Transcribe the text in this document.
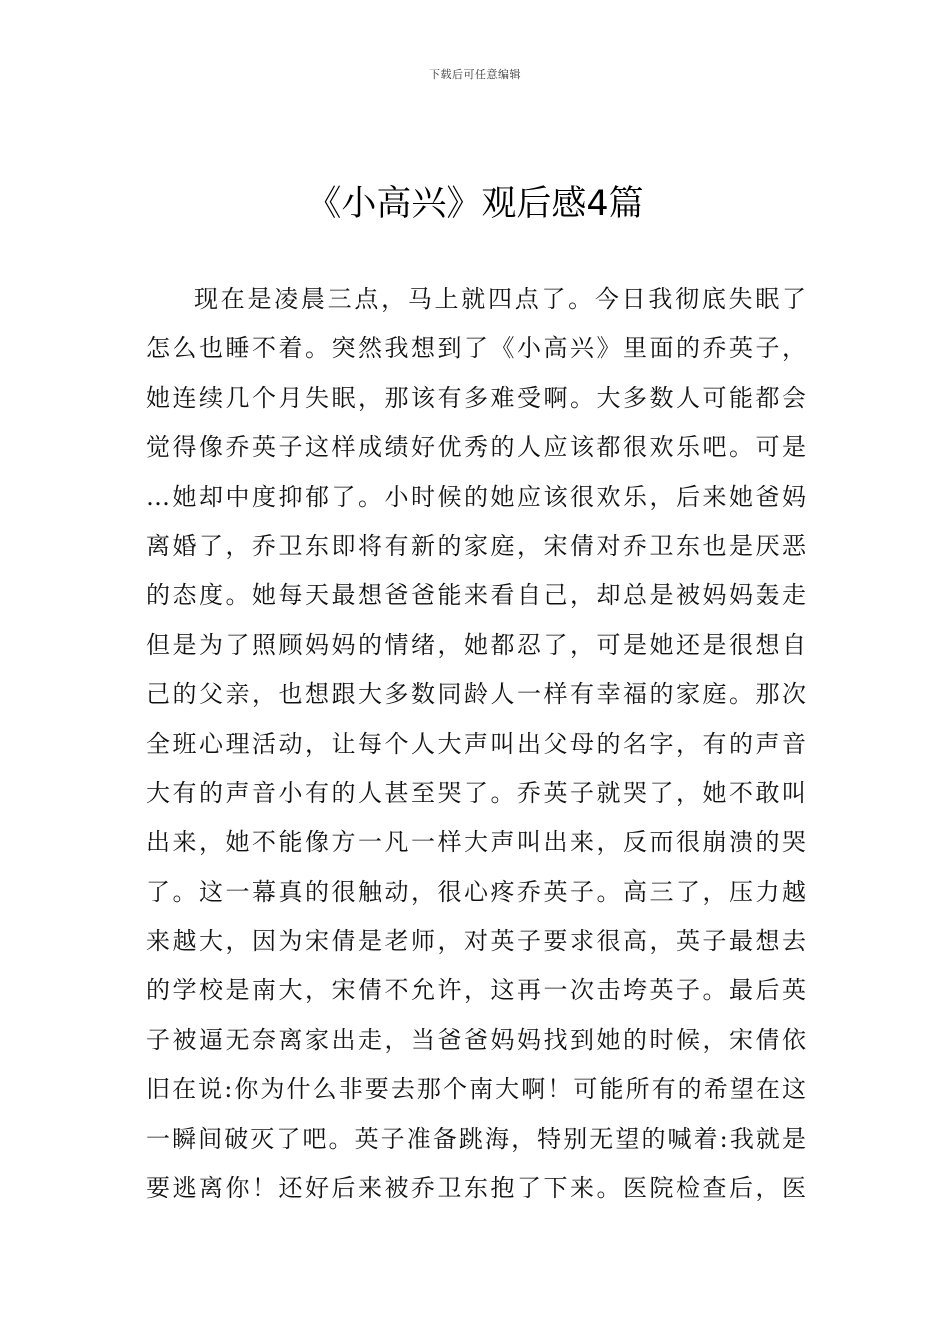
下载后可任意编辑
《小高兴》观后感4篇
现在是凌晨三点，马上就四点了。今日我彻底失眠了
怎么也睡不着。突然我想到了《小高兴》里面的乔英子，
她连续几个月失眠，那该有多难受啊。大多数人可能都会
觉得像乔英子这样成绩好优秀的人应该都很欢乐吧。可是
…她却中度抑郁了。小时候的她应该很欢乐，后来她爸妈
离婚了，乔卫东即将有新的家庭，宋倩对乔卫东也是厌恶
的态度。她每天最想爸爸能来看自己，却总是被妈妈轰走
但是为了照顾妈妈的情绪，她都忍了，可是她还是很想自
己的父亲，也想跟大多数同龄人一样有幸福的家庭。那次
全班心理活动，让每个人大声叫出父母的名字，有的声音
大有的声音小有的人甚至哭了。乔英子就哭了，她不敢叫
出来，她不能像方一凡一样大声叫出来，反而很崩溃的哭
了。这一幕真的很触动，很心疼乔英子。高三了，压力越
来越大，因为宋倩是老师，对英子要求很高，英子最想去
的学校是南大，宋倩不允许，这再一次击垮英子。最后英
子被逼无奈离家出走，当爸爸妈妈找到她的时候，宋倩依
旧在说:你为什么非要去那个南大啊！可能所有的希望在这
一瞬间破灭了吧。英子准备跳海，特别无望的喊着:我就是
要逃离你！还好后来被乔卫东抱了下来。医院检查后，医
